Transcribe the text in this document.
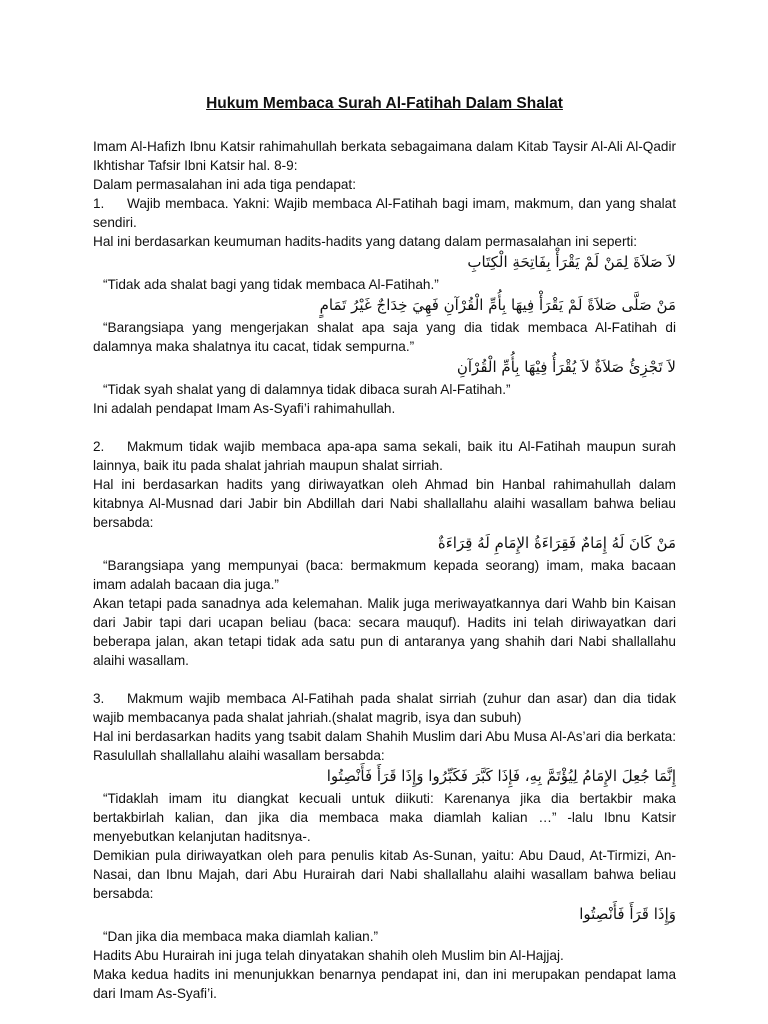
Hukum Membaca Surah Al-Fatihah Dalam Shalat

Imam Al-Hafizh Ibnu Katsir rahimahullah berkata sebagaimana dalam Kitab Taysir Al-Ali Al-Qadir Ikhtishar Tafsir Ibni Katsir hal. 8-9:

Dalam permasalahan ini ada tiga pendapat:

1. Wajib membaca. Yakni: Wajib membaca Al-Fatihah bagi imam, makmum, dan yang shalat sendiri.

Hal ini berdasarkan keumuman hadits-hadits yang datang dalam permasalahan ini seperti:

لاَ صَلاَةَ لِمَنْ لَمْ يَقْرَأْ بِفَاتِحَةِ الْكِتَابِ

“Tidak ada shalat bagi yang tidak membaca Al-Fatihah.”

مَنْ صَلَّى صَلاَةً لَمْ يَقْرَأْ فِيهَا بِأُمِّ الْقُرْآنِ فَهِيَ خِدَاجٌ غَيْرُ تَمَامٍ

“Barangsiapa yang mengerjakan shalat apa saja yang dia tidak membaca Al-Fatihah di dalamnya maka shalatnya itu cacat, tidak sempurna.”

لاَ تَجْزِئُ صَلاَةٌ لاَ يُقْرَأُ فِيْهَا بِأُمِّ الْقُرْآنِ

“Tidak syah shalat yang di dalamnya tidak dibaca surah Al-Fatihah.”

Ini adalah pendapat Imam As-Syafi’i rahimahullah.

2. Makmum tidak wajib membaca apa-apa sama sekali, baik itu Al-Fatihah maupun surah lainnya, baik itu pada shalat jahriah maupun shalat sirriah.

Hal ini berdasarkan hadits yang diriwayatkan oleh Ahmad bin Hanbal rahimahullah dalam kitabnya Al-Musnad dari Jabir bin Abdillah dari Nabi shallallahu alaihi wasallam bahwa beliau bersabda:

مَنْ كَانَ لَهُ إِمَامٌ فَقِرَاءَةُ الإِمَامِ لَهُ قِرَاءَةٌ

“Barangsiapa yang mempunyai (baca: bermakmum kepada seorang) imam, maka bacaan imam adalah bacaan dia juga.”

Akan tetapi pada sanadnya ada kelemahan. Malik juga meriwayatkannya dari Wahb bin Kaisan dari Jabir tapi dari ucapan beliau (baca: secara mauquf). Hadits ini telah diriwayatkan dari beberapa jalan, akan tetapi tidak ada satu pun di antaranya yang shahih dari Nabi shallallahu alaihi wasallam.

3. Makmum wajib membaca Al-Fatihah pada shalat sirriah (zuhur dan asar) dan dia tidak wajib membacanya pada shalat jahriah.(shalat magrib, isya dan subuh)

Hal ini berdasarkan hadits yang tsabit dalam Shahih Muslim dari Abu Musa Al-As’ari dia berkata: Rasulullah shallallahu alaihi wasallam bersabda:

إِنَّمَا جُعِلَ الإِمَامُ لِيُؤْتَمَّ بِهِ، فَإِذَا كَبَّرَ فَكَبِّرُوا وَإِذَا قَرَأَ فَأَنْصِتُوا

“Tidaklah imam itu diangkat kecuali untuk diikuti: Karenanya jika dia bertakbir maka bertakbirlah kalian, dan jika dia membaca maka diamlah kalian …” -lalu Ibnu Katsir menyebutkan kelanjutan haditsnya-.

Demikian pula diriwayatkan oleh para penulis kitab As-Sunan, yaitu: Abu Daud, At-Tirmizi, An-Nasai, dan Ibnu Majah, dari Abu Hurairah dari Nabi shallallahu alaihi wasallam bahwa beliau bersabda:

وَإِذَا قَرَأَ فَأَنْصِتُوا

“Dan jika dia membaca maka diamlah kalian.”

Hadits Abu Hurairah ini juga telah dinyatakan shahih oleh Muslim bin Al-Hajjaj.

Maka kedua hadits ini menunjukkan benarnya pendapat ini, dan ini merupakan pendapat lama dari Imam As-Syafi’i.
